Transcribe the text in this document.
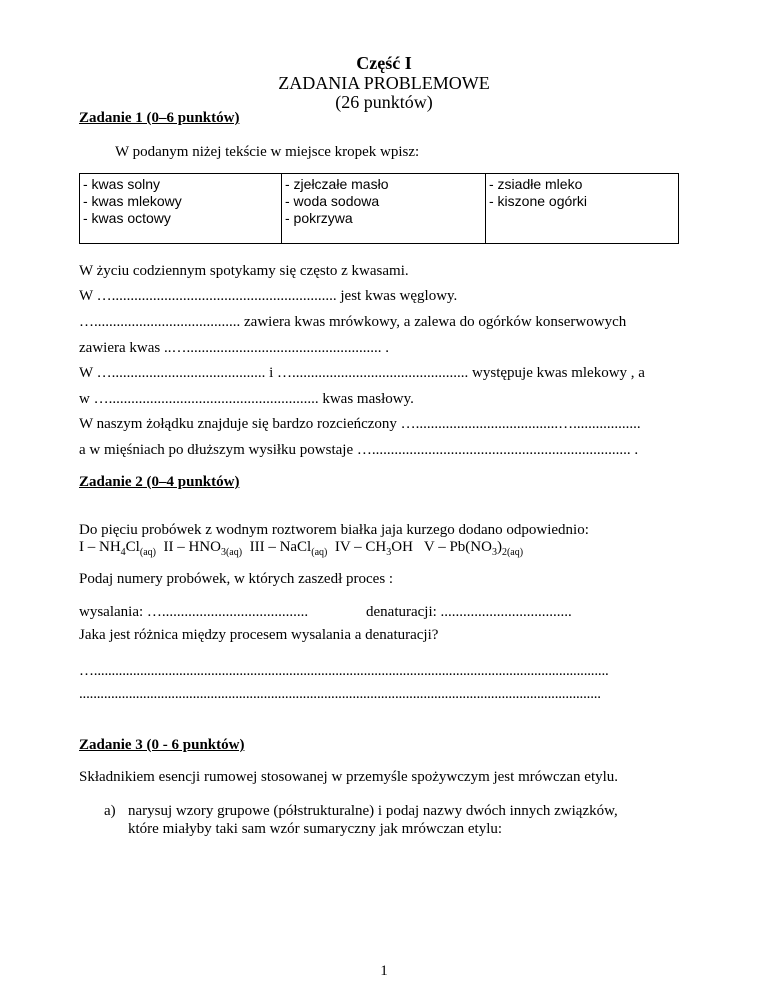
Część I
ZADANIA PROBLEMOWE
(26 punktów)
Zadanie 1 (0–6 punktów)
W podanym niżej tekście w miejsce kropek wpisz:
- kwas solny
- kwas mlekowy
- kwas octowy

- zjełczałe masło
- woda sodowa
- pokrzywa

- zsiadłe mleko
- kiszone ogórki
W życiu codziennym spotykamy się często z kwasami.
W …............................................................ jest kwas węglowy.
…....................................... zawiera kwas mrówkowy, a zalewa do ogórków konserwowych
zawiera kwas ..….................................................... .
W …......................................... i …............................................... występuje kwas mlekowy , a
w …........................................................ kwas masłowy.
W naszym żołądku znajduje się bardzo rozcieńczony …......................................…..................
a w mięśniach po dłuższym wysiłku powstaje …..................................................................... .
Zadanie 2 (0–4 punktów)
Do pięciu probówek z wodnym roztworem białka jaja kurzego dodano odpowiednio:
I – $NH_4Cl_{(aq)}$  II – $HNO_{3(aq)}$  III – NaCl$_{(aq)}$  IV – $CH_3OH$   V – $Pb(NO_3)_{2(aq)}$
Podaj numery probówek, w których zaszedł proces :
wysalania: ….......................................	denaturacji: ...................................
Jaka jest różnica między procesem wysalania a denaturacji?
….................................................................................................................................................
...................................................................................................................................................
Zadanie 3 (0 - 6 punktów)
Składnikiem esencji rumowej stosowanej w przemyśle spożywczym jest mrówczan etylu.
a) narysuj wzory grupowe (półstrukturalne) i podaj nazwy dwóch innych związków,
które miałyby taki sam wzór sumaryczny jak mrówczan etylu:
1
